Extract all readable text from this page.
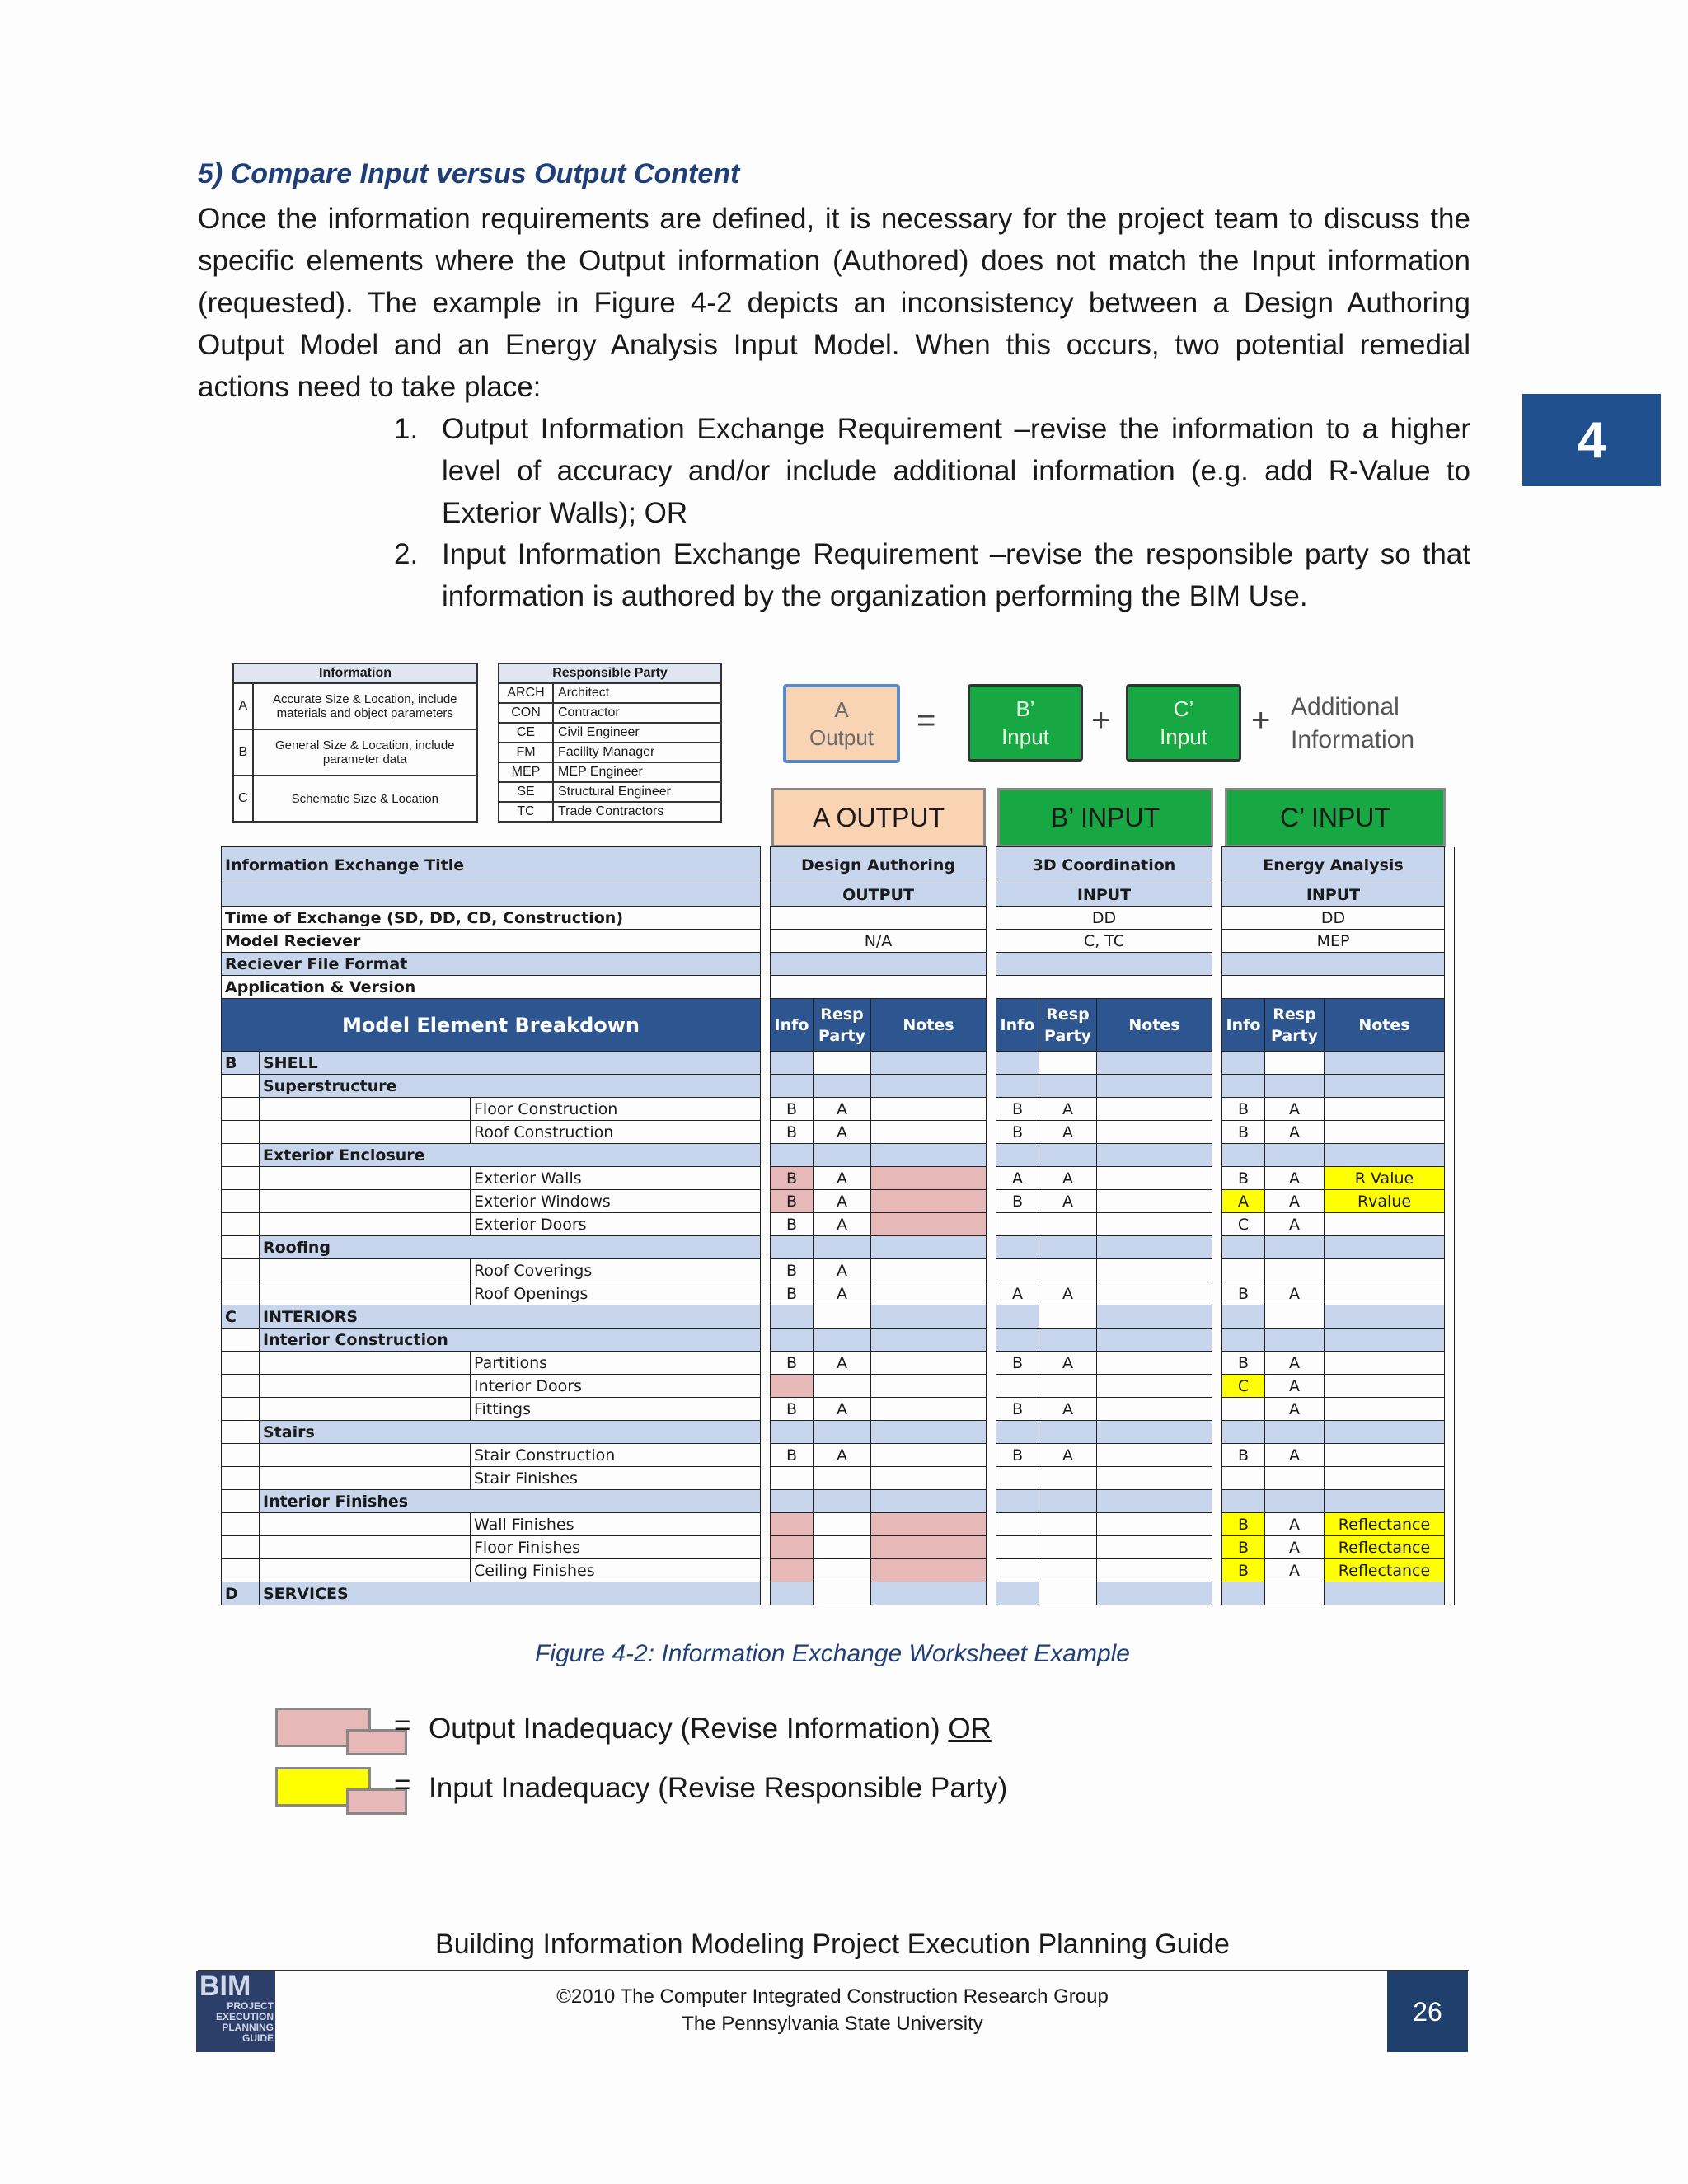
5) Compare Input versus Output Content
Once the information requirements are defined, it is necessary for the project team to discuss the specific elements where the Output information (Authored) does not match the Input information (requested). The example in Figure 4-2 depicts an inconsistency between a Design Authoring Output Model and an Energy Analysis Input Model. When this occurs, two potential remedial actions need to take place:
1. Output Information Exchange Requirement –revise the information to a higher level of accuracy and/or include additional information (e.g. add R-Value to Exterior Walls); OR
2. Input Information Exchange Requirement –revise the responsible party so that information is authored by the organization performing the BIM Use.
4
Information	
A	Accurate Size & Location, include materials and object parameters
B	General Size & Location, include parameter data
C	Schematic Size & Location
Responsible Party	
ARCH	Architect
CON	Contractor
CE	Civil Engineer
FM	Facility Manager
MEP	MEP Engineer
SE	Structural Engineer
TC	Trade Contractors
A
Output =	B’
Input +	C’
Input + Additional Information
A OUTPUT	B’ INPUT	C’ INPUT
Information Exchange Title				Design Authoring				3D Coordination				Energy Analysis			
				OUTPUT				INPUT				INPUT			
Time of Exchange (SD, DD, CD, Construction)								DD				DD			
Model Reciever				N/A				C, TC				MEP			
Reciever File Format															
Application & Version															
Model Element Breakdown				Info	Resp Party	Notes		Info	Resp Party	Notes		Info	Resp Party	Notes	
B	SHELL														
	Superstructure														
		Floor Construction		B	A			B	A			B	A		
		Roof Construction		B	A			B	A			B	A		
	Exterior Enclosure														
		Exterior Walls		B	A			A	A			B	A	R Value	
		Exterior Windows		B	A			B	A			A	A	Rvalue	
		Exterior Doors		B	A							C	A		
	Roofing														
		Roof Coverings		B	A										
		Roof Openings		B	A			A	A			B	A		
C	INTERIORS														
	Interior Construction														
		Partitions		B	A			B	A			B	A		
		Interior Doors										C	A		
		Fittings		B	A			B	A				A		
	Stairs														
		Stair Construction		B	A			B	A			B	A		
		Stair Finishes													
	Interior Finishes														
		Wall Finishes										B	A	Reflectance	
		Floor Finishes										B	A	Reflectance	
		Ceiling Finishes										B	A	Reflectance	
D	SERVICES														
Figure 4-2: Information Exchange Worksheet Example
= Output Inadequacy (Revise Information) OR
= Input Inadequacy (Revise Responsible Party)
Building Information Modeling Project Execution Planning Guide
BIM
PROJECT EXECUTION PLANNING GUIDE
©2010 The Computer Integrated Construction Research Group
The Pennsylvania State University	26
